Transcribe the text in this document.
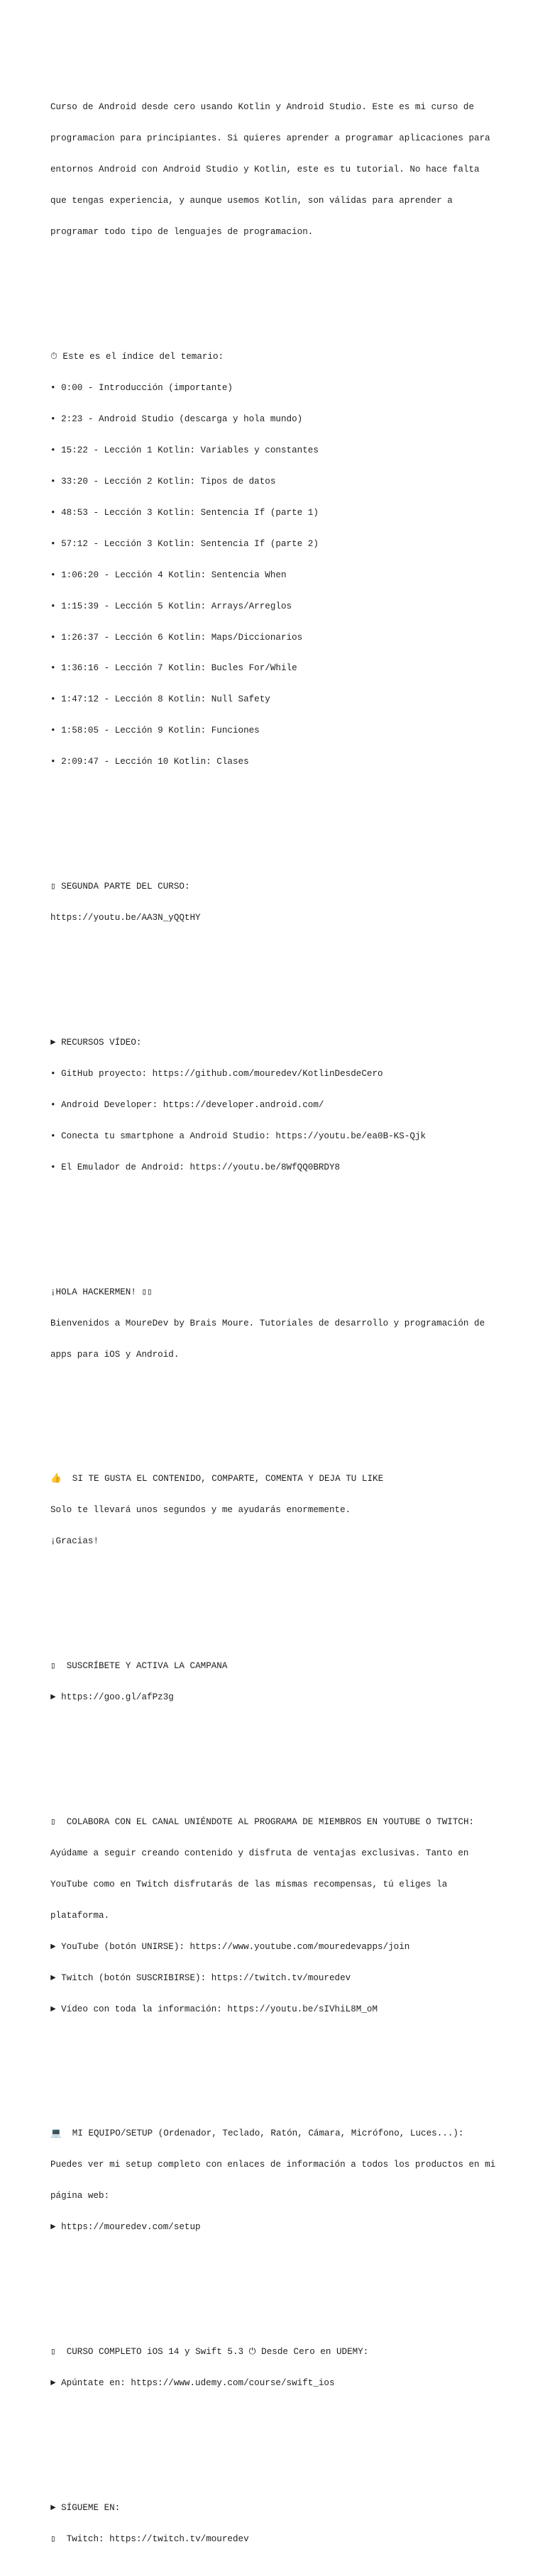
Curso de Android desde cero usando Kotlin y Android Studio. Este es mi curso de

programacion para principiantes. Si quieres aprender a programar aplicaciones para

entornos Android con Android Studio y Kotlin, este es tu tutorial. No hace falta

que tengas experiencia, y aunque usemos Kotlin, son válidas para aprender a

programar todo tipo de lenguajes de programacion.

⏱ Este es el índice del temario:

• 0:00 - Introducción (importante)

• 2:23 - Android Studio (descarga y hola mundo)

• 15:22 - Lección 1 Kotlin: Variables y constantes

• 33:20 - Lección 2 Kotlin: Tipos de datos

• 48:53 - Lección 3 Kotlin: Sentencia If (parte 1)

• 57:12 - Lección 3 Kotlin: Sentencia If (parte 2)

• 1:06:20 - Lección 4 Kotlin: Sentencia When

• 1:15:39 - Lección 5 Kotlin: Arrays/Arreglos

• 1:26:37 - Lección 6 Kotlin: Maps/Diccionarios

• 1:36:16 - Lección 7 Kotlin: Bucles For/While

• 1:47:12 - Lección 8 Kotlin: Null Safety

• 1:58:05 - Lección 9 Kotlin: Funciones

• 2:09:47 - Lección 10 Kotlin: Clases

▯ SEGUNDA PARTE DEL CURSO:

https://youtu.be/AA3N_yQQtHY

► RECURSOS VÍDEO:

• GitHub proyecto: https://github.com/mouredev/KotlinDesdeCero

• Android Developer: https://developer.android.com/

• Conecta tu smartphone a Android Studio: https://youtu.be/ea0B-KS-Qjk

• El Emulador de Android: https://youtu.be/8WfQQ0BRDY8

¡HOLA HACKERMEN! ▯▯

Bienvenidos a MoureDev by Brais Moure. Tutoriales de desarrollo y programación de

apps para iOS y Android.

👍  SI TE GUSTA EL CONTENIDO, COMPARTE, COMENTA Y DEJA TU LIKE

Solo te llevará unos segundos y me ayudarás enormemente.

¡Gracias!

▯  SUSCRÍBETE Y ACTIVA LA CAMPANA

► https://goo.gl/afPz3g

▯  COLABORA CON EL CANAL UNIÉNDOTE AL PROGRAMA DE MIEMBROS EN YOUTUBE O TWITCH:

Ayúdame a seguir creando contenido y disfruta de ventajas exclusivas. Tanto en

YouTube como en Twitch disfrutarás de las mismas recompensas, tú eliges la

plataforma.

► YouTube (botón UNIRSE): https://www.youtube.com/mouredevapps/join

► Twitch (botón SUSCRIBIRSE): https://twitch.tv/mouredev

► Vídeo con toda la información: https://youtu.be/sIVhiL8M_oM

💻  MI EQUIPO/SETUP (Ordenador, Teclado, Ratón, Cámara, Micrófono, Luces...):

Puedes ver mi setup completo con enlaces de información a todos los productos en mi

página web:

► https://mouredev.com/setup

▯  CURSO COMPLETO iOS 14 y Swift 5.3 ⏻ Desde Cero en UDEMY:

► Apúntate en: https://www.udemy.com/course/swift_ios

► SÍGUEME EN:

▯  Twitch: https://twitch.tv/mouredev
